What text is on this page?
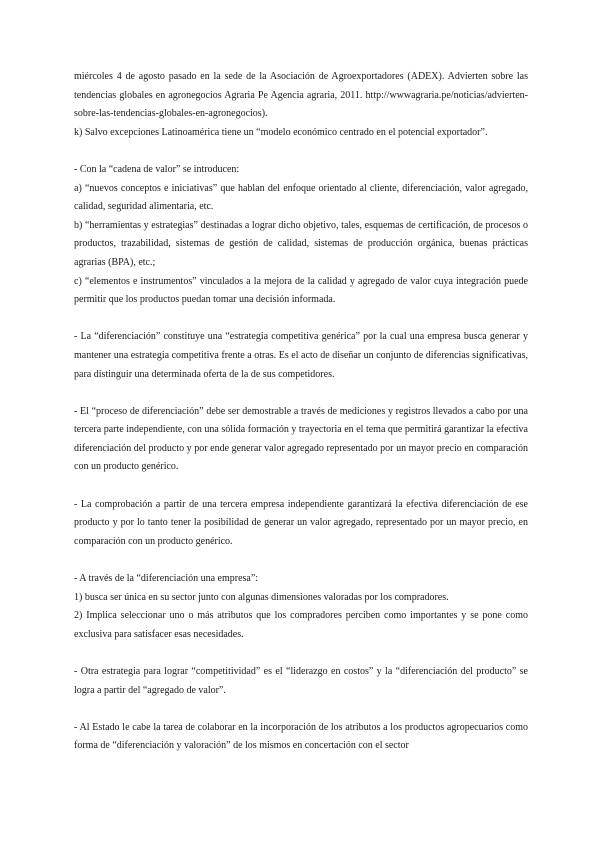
miércoles 4 de agosto pasado en la sede de la Asociación de Agroexportadores (ADEX). Advierten sobre las tendencias globales en agronegocios Agraria Pe Agencia agraria, 2011. http://wwwagraria.pe/noticias/advierten-sobre-las-tendencias-globales-en-agronegocios).

k) Salvo excepciones Latinoamérica tiene un “modelo económico centrado en el potencial exportador”.

- Con la “cadena de valor” se introducen:

a) “nuevos conceptos e iniciativas” que hablan del enfoque orientado al cliente, diferenciación, valor agregado, calidad, seguridad alimentaria, etc.

b) “herramientas y estrategias” destinadas a lograr dicho objetivo, tales, esquemas de certificación, de procesos o productos, trazabilidad, sistemas de gestión de calidad, sistemas de producción orgánica, buenas prácticas agrarias (BPA), etc.;

c) “elementos e instrumentos” vinculados a la mejora de la calidad y agregado de valor cuya integración puede permitir que los productos puedan tomar una decisión informada.

- La “diferenciación” constituye una “estrategia competitiva genérica” por la cual una empresa busca generar y mantener una estrategia competitiva frente a otras. Es el acto de diseñar un conjunto de diferencias significativas, para distinguir una determinada oferta de la de sus competidores.

- El “proceso de diferenciación” debe ser demostrable a través de mediciones y registros llevados a cabo por una tercera parte independiente, con una sólida formación y trayectoria en el tema que permitirá garantizar la efectiva diferenciación del producto y por ende generar valor agregado representado por un mayor precio en comparación con un producto genérico.

- La comprobación a partir de una tercera empresa independiente garantizará la efectiva diferenciación de ese producto y por lo tanto tener la posibilidad de generar un valor agregado, representado por un mayor precio, en comparación con un producto genérico.

- A través de la “diferenciación una empresa”:

1) busca ser única en su sector junto con algunas dimensiones valoradas por los compradores.

2) Implica seleccionar uno o más atributos que los compradores perciben como importantes y se pone como exclusiva para satisfacer esas necesidades.

- Otra estrategia para lograr “competitividad” es el “liderazgo en costos” y la “diferenciación del producto” se logra a partir del “agregado de valor”.

- Al Estado le cabe la tarea de colaborar en la incorporación de los atributos a los productos agropecuarios como forma de “diferenciación y valoración” de los mismos en concertación con el sector
